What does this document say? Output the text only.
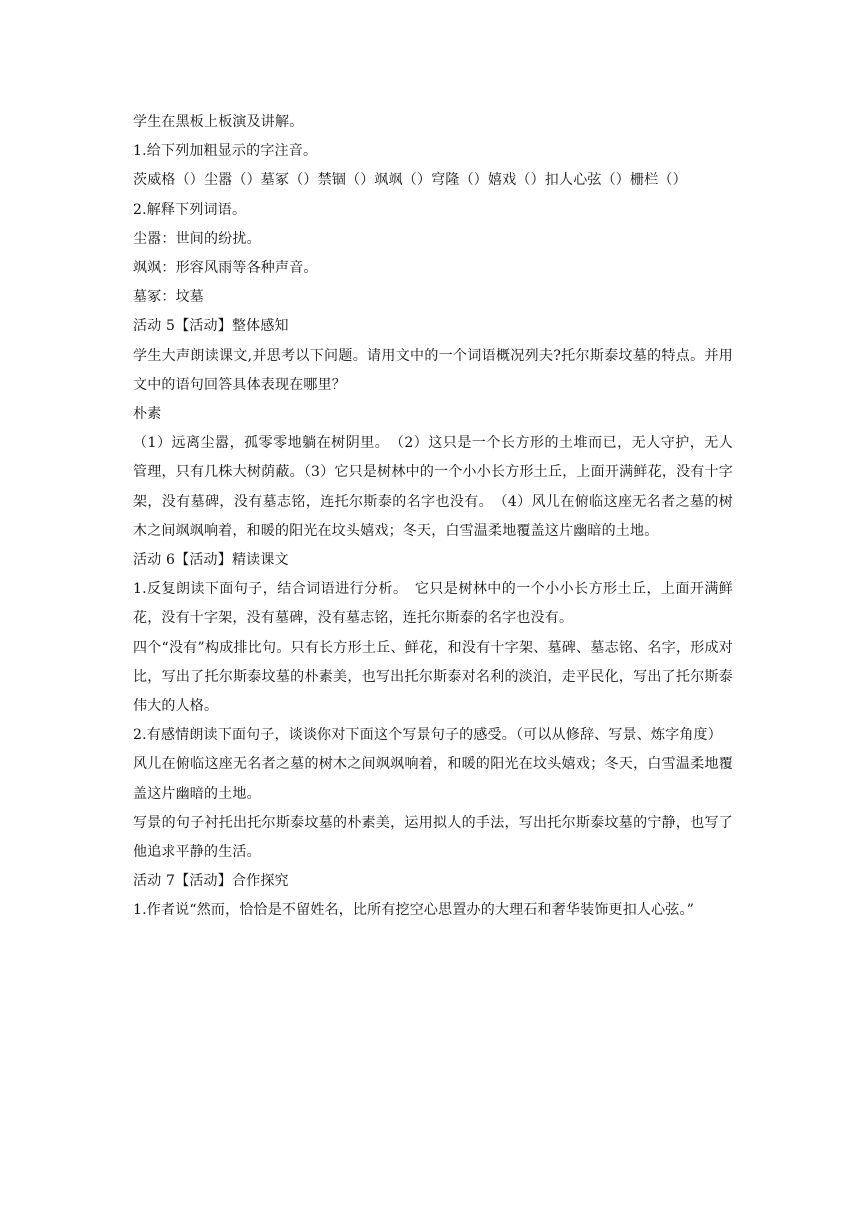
学生在黑板上板演及讲解。

1.给下列加粗显示的字注音。

茨威格（）尘嚣（）墓冢（）禁锢（）飒飒（）穹隆（）嬉戏（）扣人心弦（）栅栏（）

2.解释下列词语。

尘嚣：世间的纷扰。

飒飒：形容风雨等各种声音。

墓冢：坟墓

活动 5【活动】整体感知

学生大声朗读课文,并思考以下问题。请用文中的一个词语概况列夫?托尔斯泰坟墓的特点。并用文中的语句回答具体表现在哪里？

朴素

（1）远离尘嚣，孤零零地躺在树阴里。　（2）这只是一个长方形的土堆而已，无人守护，无人管理，只有几株大树荫蔽。（3）它只是树林中的一个小小长方形土丘，上面开满鲜花，没有十字架，没有墓碑，没有墓志铭，连托尔斯泰的名字也没有。　（4）风儿在俯临这座无名者之墓的树木之间飒飒响着，和暖的阳光在坟头嬉戏；冬天，白雪温柔地覆盖这片幽暗的土地。

活动 6【活动】精读课文

1.反复朗读下面句子，结合词语进行分析。　它只是树林中的一个小小长方形土丘，上面开满鲜花，没有十字架，没有墓碑，没有墓志铭，连托尔斯泰的名字也没有。

四个“没有”构成排比句。只有长方形土丘、鲜花，和没有十字架、墓碑、墓志铭、名字，形成对比，写出了托尔斯泰坟墓的朴素美，也写出托尔斯泰对名利的淡泊，走平民化，写出了托尔斯泰伟大的人格。

2.有感情朗读下面句子，谈谈你对下面这个写景句子的感受。（可以从修辞、写景、炼字角度）

风儿在俯临这座无名者之墓的树木之间飒飒响着，和暖的阳光在坟头嬉戏；冬天，白雪温柔地覆盖这片幽暗的土地。

写景的句子衬托出托尔斯泰坟墓的朴素美，运用拟人的手法，写出托尔斯泰坟墓的宁静，也写了他追求平静的生活。

活动 7【活动】合作探究

1.作者说“然而，恰恰是不留姓名，比所有挖空心思置办的大理石和奢华装饰更扣人心弦。”
